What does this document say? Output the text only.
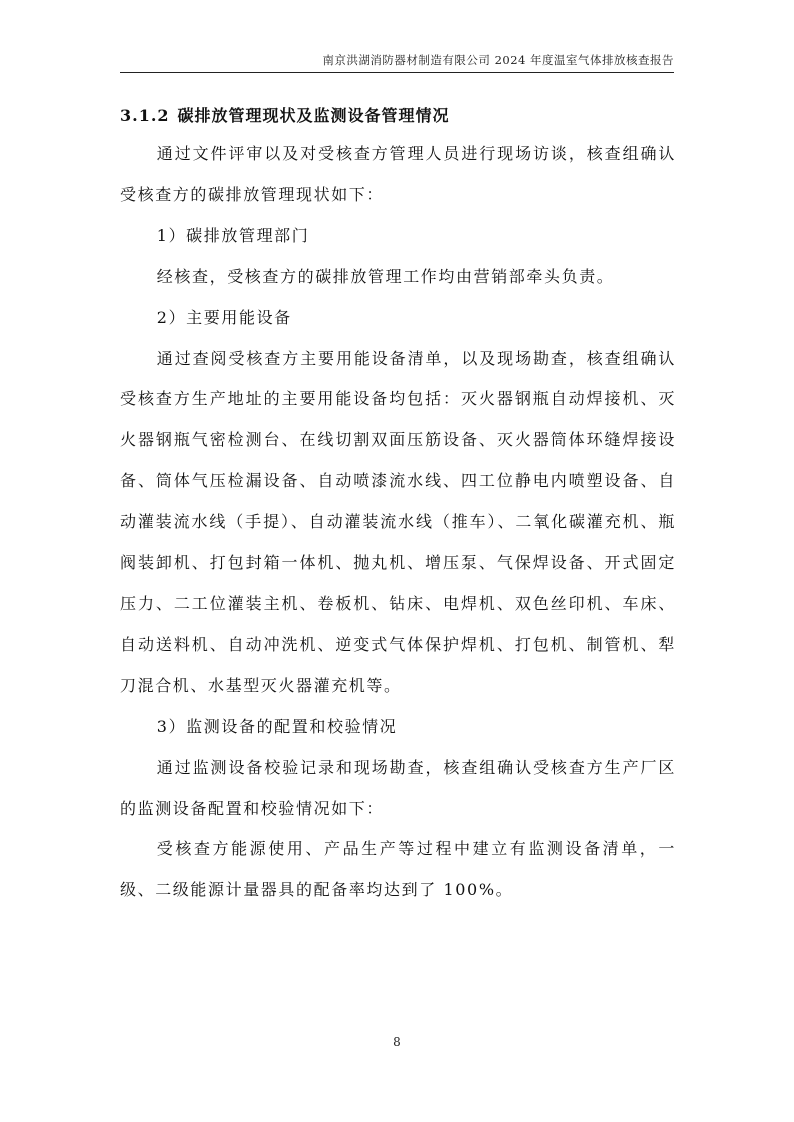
南京洪湖消防器材制造有限公司 2024 年度温室气体排放核查报告
3.1.2 碳排放管理现状及监测设备管理情况

通过文件评审以及对受核查方管理人员进行现场访谈，核查组确认受核查方的碳排放管理现状如下：

1）碳排放管理部门

经核查，受核查方的碳排放管理工作均由营销部牵头负责。

2）主要用能设备

通过查阅受核查方主要用能设备清单，以及现场勘查，核查组确认受核查方生产地址的主要用能设备均包括：灭火器钢瓶自动焊接机、灭火器钢瓶气密检测台、在线切割双面压筋设备、灭火器筒体环缝焊接设备、筒体气压检漏设备、自动喷漆流水线、四工位静电内喷塑设备、自动灌装流水线（手提）、自动灌装流水线（推车）、二氧化碳灌充机、瓶阀装卸机、打包封箱一体机、抛丸机、增压泵、气保焊设备、开式固定压力、二工位灌装主机、卷板机、钻床、电焊机、双色丝印机、车床、自动送料机、自动冲洗机、逆变式气体保护焊机、打包机、制管机、犁刀混合机、水基型灭火器灌充机等。

3）监测设备的配置和校验情况

通过监测设备校验记录和现场勘查，核查组确认受核查方生产厂区的监测设备配置和校验情况如下：

受核查方能源使用、产品生产等过程中建立有监测设备清单，一级、二级能源计量器具的配备率均达到了 100%。

8
